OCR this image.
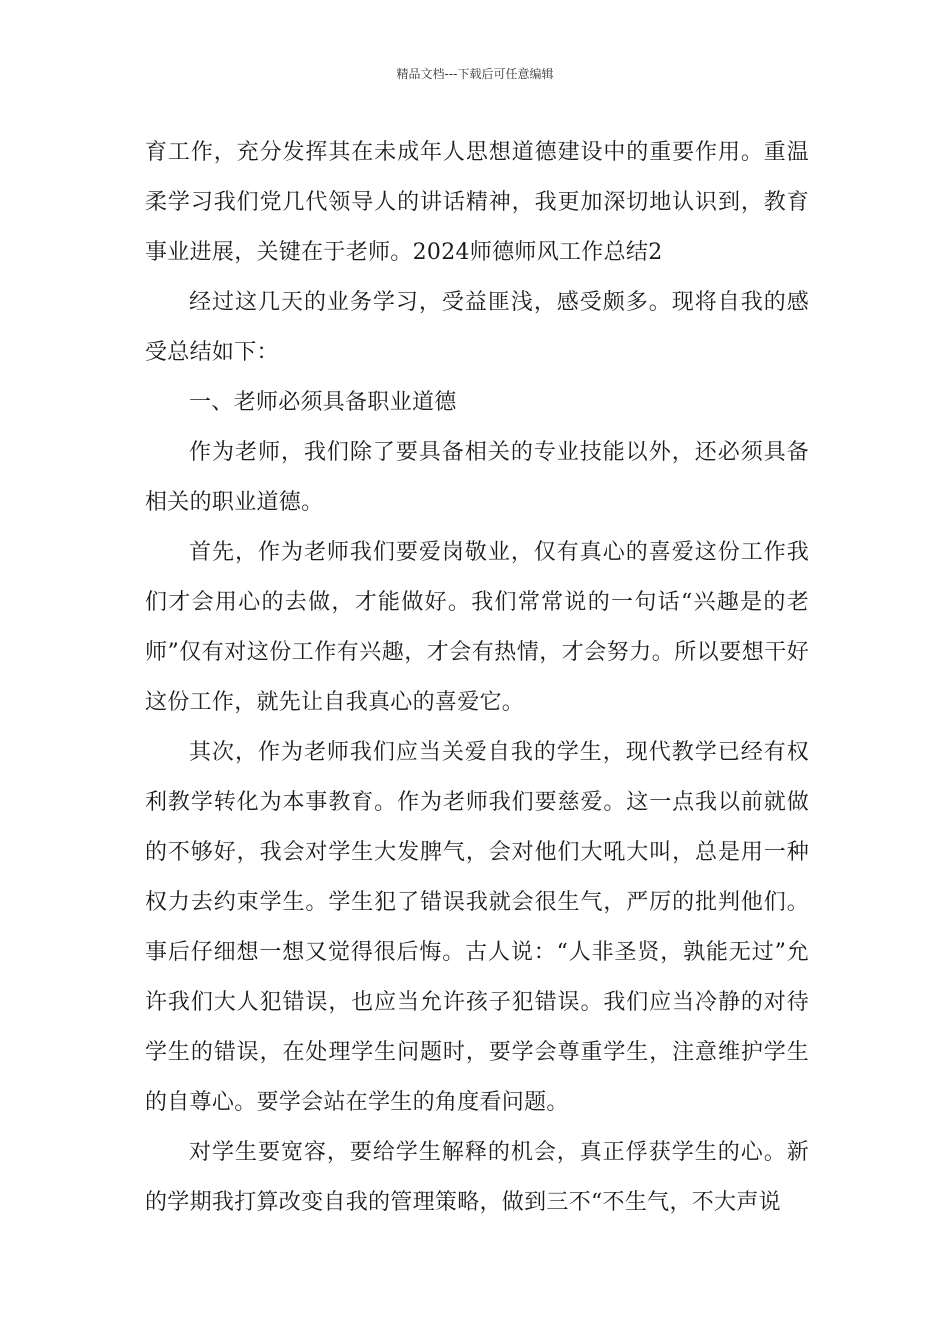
精品文档---下载后可任意编辑

育工作，充分发挥其在未成年人思想道德建设中的重要作用。重温柔学习我们党几代领导人的讲话精神，我更加深切地认识到，教育事业进展，关键在于老师。2024师德师风工作总结2

经过这几天的业务学习，受益匪浅，感受颇多。现将自我的感受总结如下：

一、老师必须具备职业道德

作为老师，我们除了要具备相关的专业技能以外，还必须具备相关的职业道德。

首先，作为老师我们要爱岗敬业，仅有真心的喜爱这份工作我们才会用心的去做，才能做好。我们常常说的一句话“兴趣是的老师”仅有对这份工作有兴趣，才会有热情，才会努力。所以要想干好这份工作，就先让自我真心的喜爱它。

其次，作为老师我们应当关爱自我的学生，现代教学已经有权利教学转化为本事教育。作为老师我们要慈爱。这一点我以前就做的不够好，我会对学生大发脾气，会对他们大吼大叫，总是用一种权力去约束学生。学生犯了错误我就会很生气，严厉的批判他们。事后仔细想一想又觉得很后悔。古人说：“人非圣贤，孰能无过”允许我们大人犯错误，也应当允许孩子犯错误。我们应当冷静的对待学生的错误，在处理学生问题时，要学会尊重学生，注意维护学生的自尊心。要学会站在学生的角度看问题。

对学生要宽容，要给学生解释的机会，真正俘获学生的心。新的学期我打算改变自我的管理策略，做到三不“不生气，不大声说
